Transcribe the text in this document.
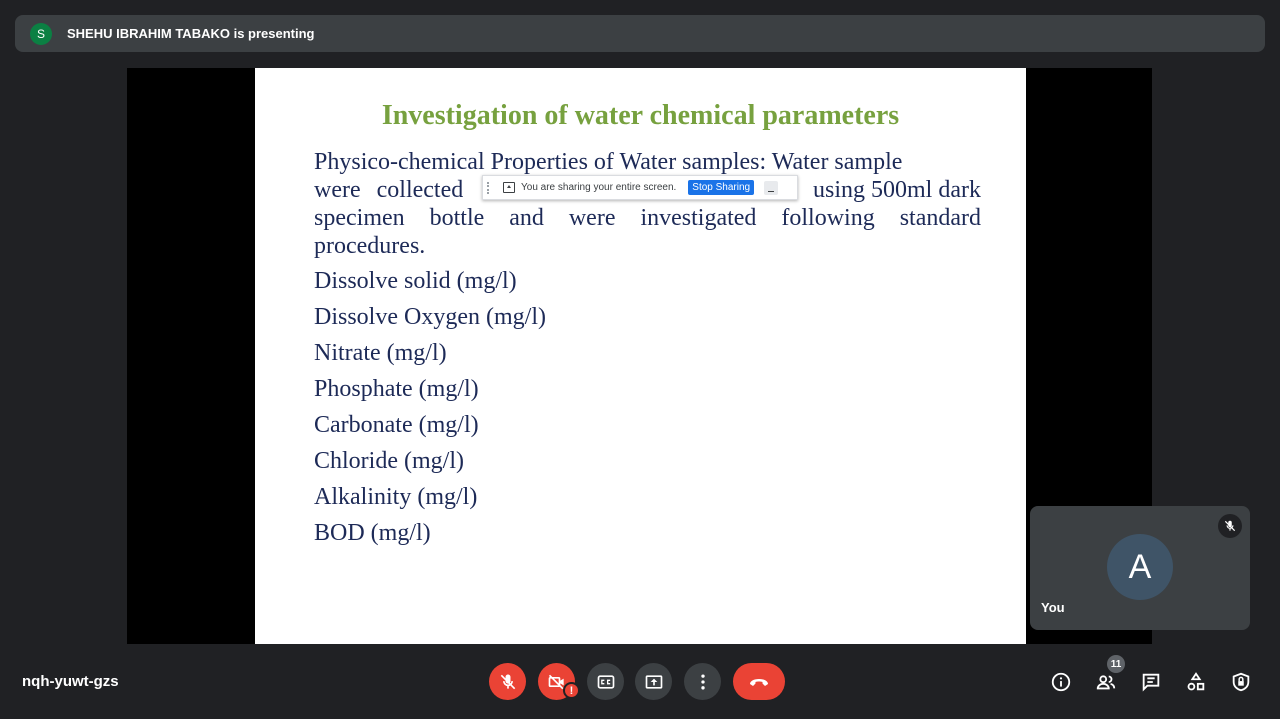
S	SHEHU IBRAHIM TABAKO is presenting
Investigation of water chemical parameters
Physico-chemical Properties of Water samples: Water sample
were collected	using 500ml dark
specimen bottle and were investigated following standard
procedures.
Dissolve solid (mg/l)
Dissolve Oxygen (mg/l)
Nitrate (mg/l)
Phosphate (mg/l)
Carbonate (mg/l)
Chloride (mg/l)
Alkalinity (mg/l)
BOD (mg/l)
You are sharing your entire screen.	Stop Sharing
A
You
nqh-yuwt-gzs
!
11
